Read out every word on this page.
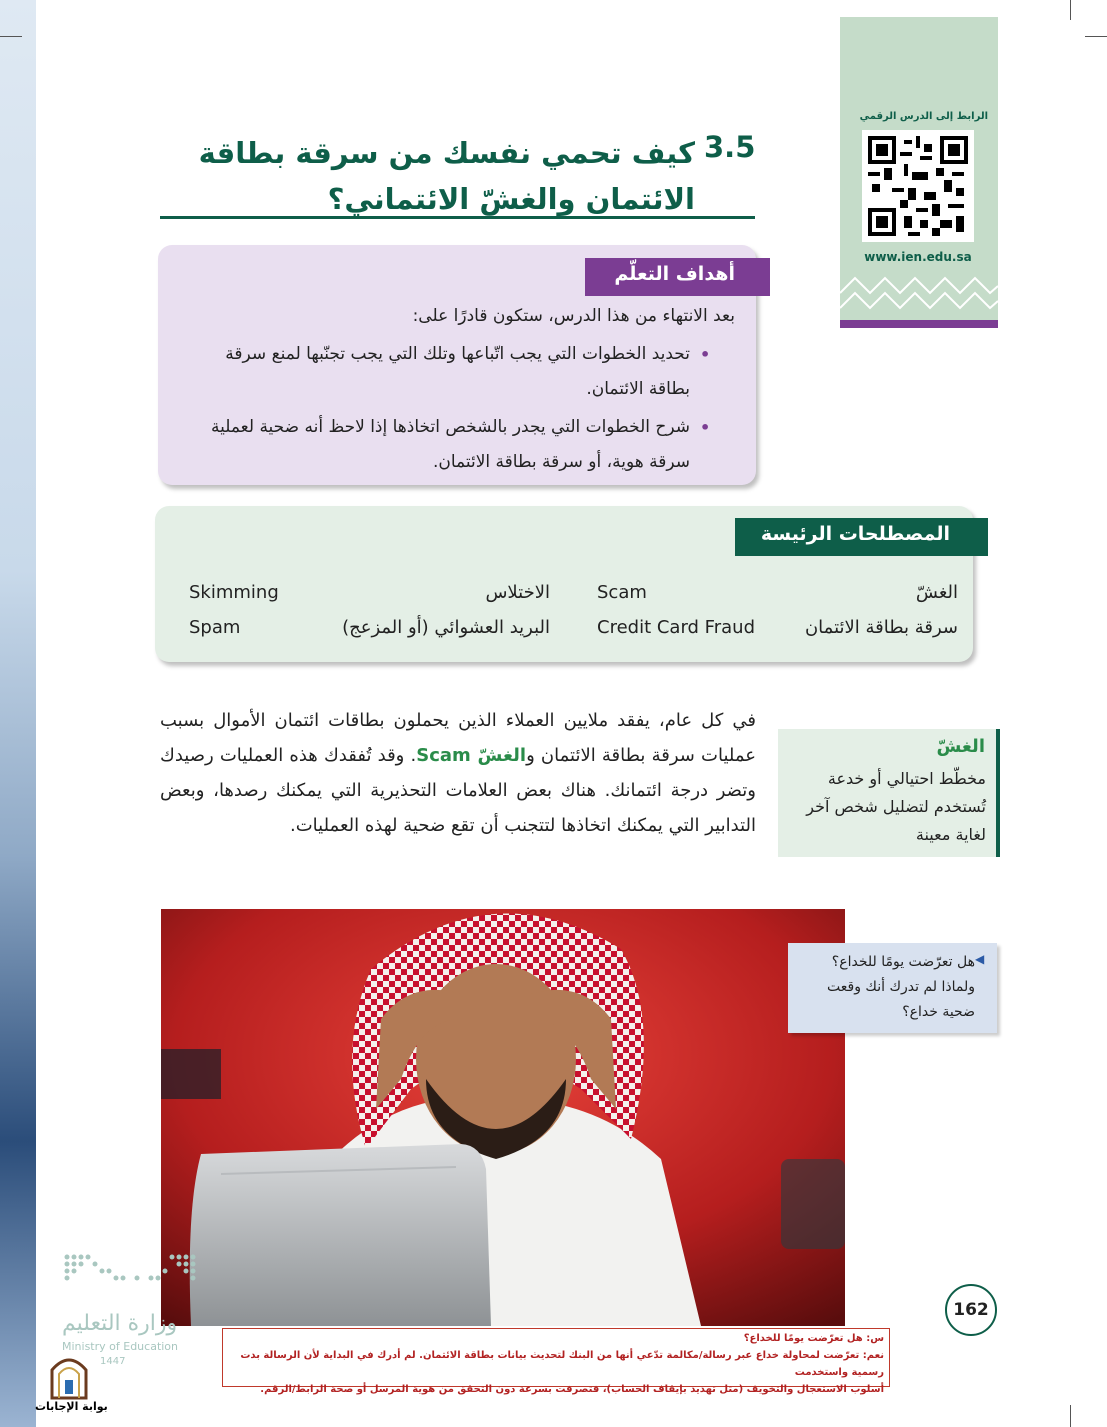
الرابط إلى الدرس الرقمي
www.ien.edu.sa
3.5
كيف تحمي نفسك من سرقة بطاقة الائتمان والغشّ الائتماني؟
أهداف التعلّم
بعد الانتهاء من هذا الدرس، ستكون قادرًا على:
•
تحديد الخطوات التي يجب اتّباعها وتلك التي يجب تجنّبها لمنع سرقة بطاقة الائتمان.
•
شرح الخطوات التي يجدر بالشخص اتخاذها إذا لاحظ أنه ضحية لعملية سرقة هوية، أو سرقة بطاقة الائتمان.
المصطلحات الرئيسة
الغشّ
Scam
الاختلاس
Skimming
سرقة بطاقة الائتمان
Credit Card Fraud
البريد العشوائي (أو المزعج)
Spam
في كل عام، يفقد ملايين العملاء الذين يحملون بطاقات ائتمان الأموال بسبب عمليات سرقة بطاقة الائتمان والغشّ Scam. وقد تُفقدك هذه العمليات رصيدك وتضر درجة ائتمانك. هناك بعض العلامات التحذيرية التي يمكنك رصدها، وبعض التدابير التي يمكنك اتخاذها لتتجنب أن تقع ضحية لهذه العمليات.
الغشّ
مخطّط احتيالي أو خدعة تُستخدم لتضليل شخص آخر لغاية معينة
◀
هل تعرّضت يومًا للخداع؟ ولماذا لم تدرك أنك وقعت ضحية خداع؟
162
س: هل تعرّضت يومًا للخداع؟
نعم: تعرّضت لمحاولة خداع عبر رسالة/مكالمة تدّعي أنها من البنك لتحديث بيانات بطاقة الائتمان. لم أدرك في البداية لأن الرسالة بدت رسمية واستخدمت
أسلوب الاستعجال والتخويف (مثل تهديد بإيقاف الحساب)، فتصرفت بسرعة دون التحقق من هوية المرسل أو صحة الرابط/الرقم.
وزارة التعليم
Ministry of Education
1447
بوابة الإجابات
